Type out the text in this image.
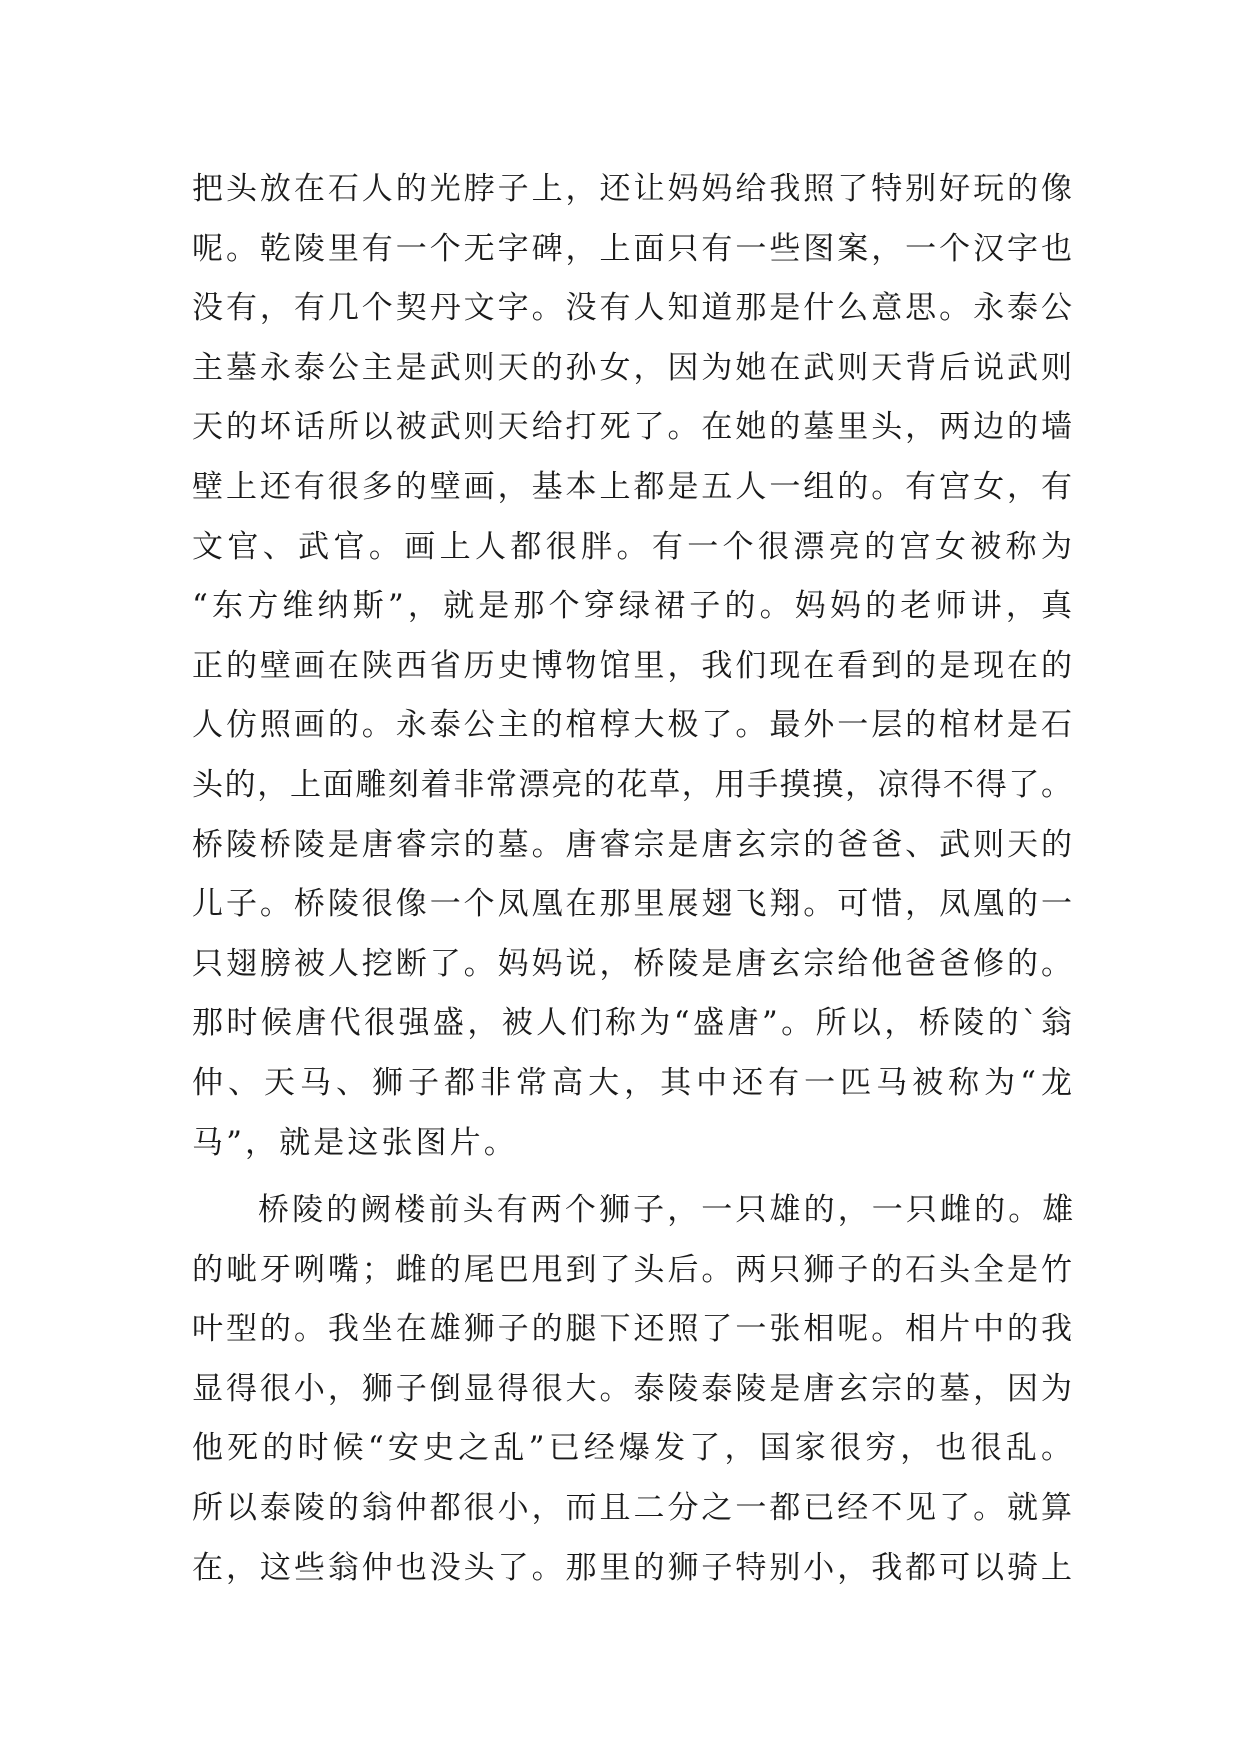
把头放在石人的光脖子上，还让妈妈给我照了特别好玩的像
呢。乾陵里有一个无字碑，上面只有一些图案，一个汉字也
没有，有几个契丹文字。没有人知道那是什么意思。永泰公
主墓永泰公主是武则天的孙女，因为她在武则天背后说武则
天的坏话所以被武则天给打死了。在她的墓里头，两边的墙
壁上还有很多的壁画，基本上都是五人一组的。有宫女，有
文官、武官。画上人都很胖。有一个很漂亮的宫女被称为
“东方维纳斯”，就是那个穿绿裙子的。妈妈的老师讲，真
正的壁画在陕西省历史博物馆里，我们现在看到的是现在的
人仿照画的。永泰公主的棺椁大极了。最外一层的棺材是石
头的，上面雕刻着非常漂亮的花草，用手摸摸，凉得不得了。
桥陵桥陵是唐睿宗的墓。唐睿宗是唐玄宗的爸爸、武则天的
儿子。桥陵很像一个凤凰在那里展翅飞翔。可惜，凤凰的一
只翅膀被人挖断了。妈妈说，桥陵是唐玄宗给他爸爸修的。
那时候唐代很强盛，被人们称为“盛唐”。所以，桥陵的`翁
仲、天马、狮子都非常高大，其中还有一匹马被称为“龙
马”，就是这张图片。
桥陵的阙楼前头有两个狮子，一只雄的，一只雌的。雄
的呲牙咧嘴；雌的尾巴甩到了头后。两只狮子的石头全是竹
叶型的。我坐在雄狮子的腿下还照了一张相呢。相片中的我
显得很小，狮子倒显得很大。泰陵泰陵是唐玄宗的墓，因为
他死的时候“安史之乱”已经爆发了，国家很穷，也很乱。
所以泰陵的翁仲都很小，而且二分之一都已经不见了。就算
在，这些翁仲也没头了。那里的狮子特别小，我都可以骑上
